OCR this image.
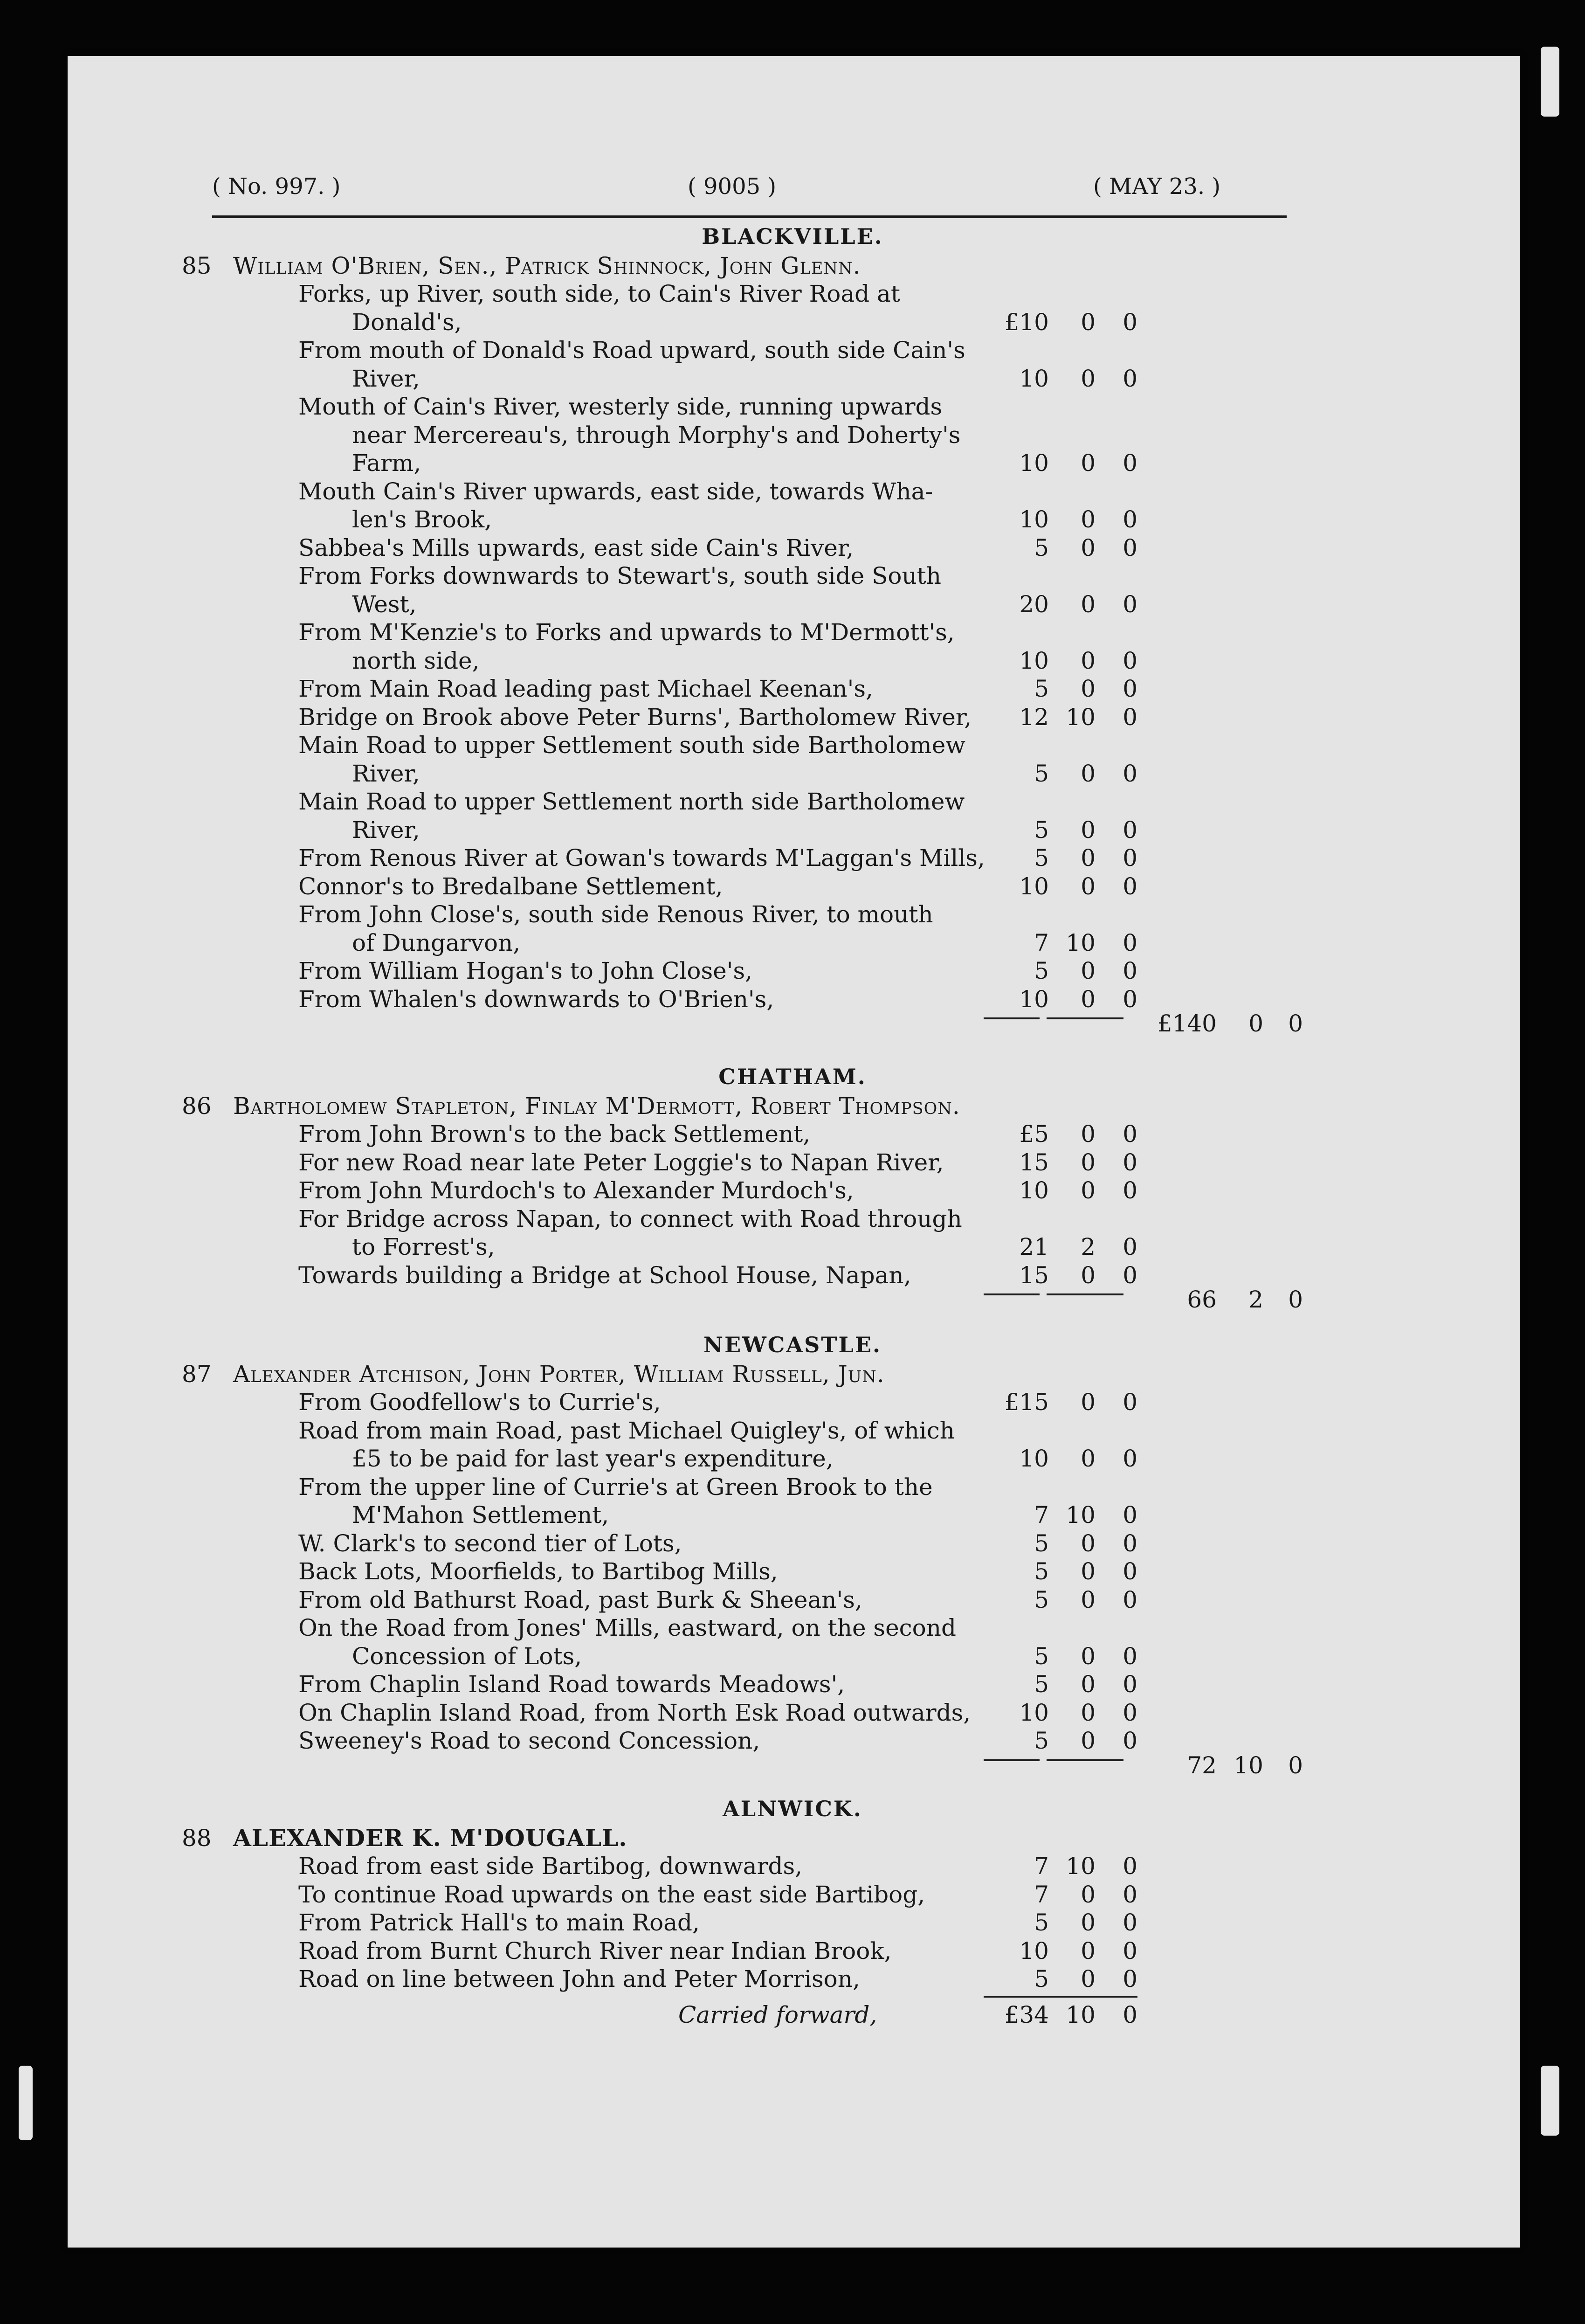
( No. 997. )	( 9005 )	( MAY 23. )
BLACKVILLE.
85 William O'Brien, Sen., Patrick Shinnock, John Glenn.
Forks, up River, south side, to Cain's River Road at
Donald's,	£10	0	0
From mouth of Donald's Road upward, south side Cain's
River,	10	0	0
Mouth of Cain's River, westerly side, running upwards
near Mercereau's, through Morphy's and Doherty's
Farm,	10	0	0
Mouth Cain's River upwards, east side, towards Wha-
len's Brook,	10	0	0
Sabbea's Mills upwards, east side Cain's River,	5	0	0
From Forks downwards to Stewart's, south side South
West,	20	0	0
From M'Kenzie's to Forks and upwards to M'Dermott's,
north side,	10	0	0
From Main Road leading past Michael Keenan's,	5	0	0
Bridge on Brook above Peter Burns', Bartholomew River,	12 10	0
Main Road to upper Settlement south side Bartholomew
River,	5	0	0
Main Road to upper Settlement north side Bartholomew
River,	5	0	0
From Renous River at Gowan's towards M'Laggan's Mills,	5	0	0
Connor's to Bredalbane Settlement,	10	0	0
From John Close's, south side Renous River, to mouth
of Dungarvon,	7 10	0
From William Hogan's to John Close's,	5	0	0
From Whalen's downwards to O'Brien's,	10	0	0
£140	0	0
CHATHAM.
86 Bartholomew Stapleton, Finlay M'Dermott, Robert Thompson.
From John Brown's to the back Settlement,	£5	0	0
For new Road near late Peter Loggie's to Napan River,	15	0	0
From John Murdoch's to Alexander Murdoch's,	10	0	0
For Bridge across Napan, to connect with Road through
to Forrest's,	21	2	0
Towards building a Bridge at School House, Napan,	15	0	0
66	2	0
NEWCASTLE.
87 Alexander Atchison, John Porter, William Russell, Jun.
From Goodfellow's to Currie's,	£15	0	0
Road from main Road, past Michael Quigley's, of which
£5 to be paid for last year's expenditure,	10	0	0
From the upper line of Currie's at Green Brook to the
M'Mahon Settlement,	7 10	0
W. Clark's to second tier of Lots,	5	0	0
Back Lots, Moorfields, to Bartibog Mills,	5	0	0
From old Bathurst Road, past Burk & Sheean's,	5	0	0
On the Road from Jones' Mills, eastward, on the second
Concession of Lots,	5	0	0
From Chaplin Island Road towards Meadows',	5	0	0
On Chaplin Island Road, from North Esk Road outwards,	10	0	0
Sweeney's Road to second Concession,	5	0	0
72 10	0
ALNWICK.
88 ALEXANDER K. M'DOUGALL.
Road from east side Bartibog, downwards,	7 10	0
To continue Road upwards on the east side Bartibog,	7	0	0
From Patrick Hall's to main Road,	5	0	0
Road from Burnt Church River near Indian Brook,	10	0	0
Road on line between John and Peter Morrison,	5	0	0
Carried forward,	£34 10	0
